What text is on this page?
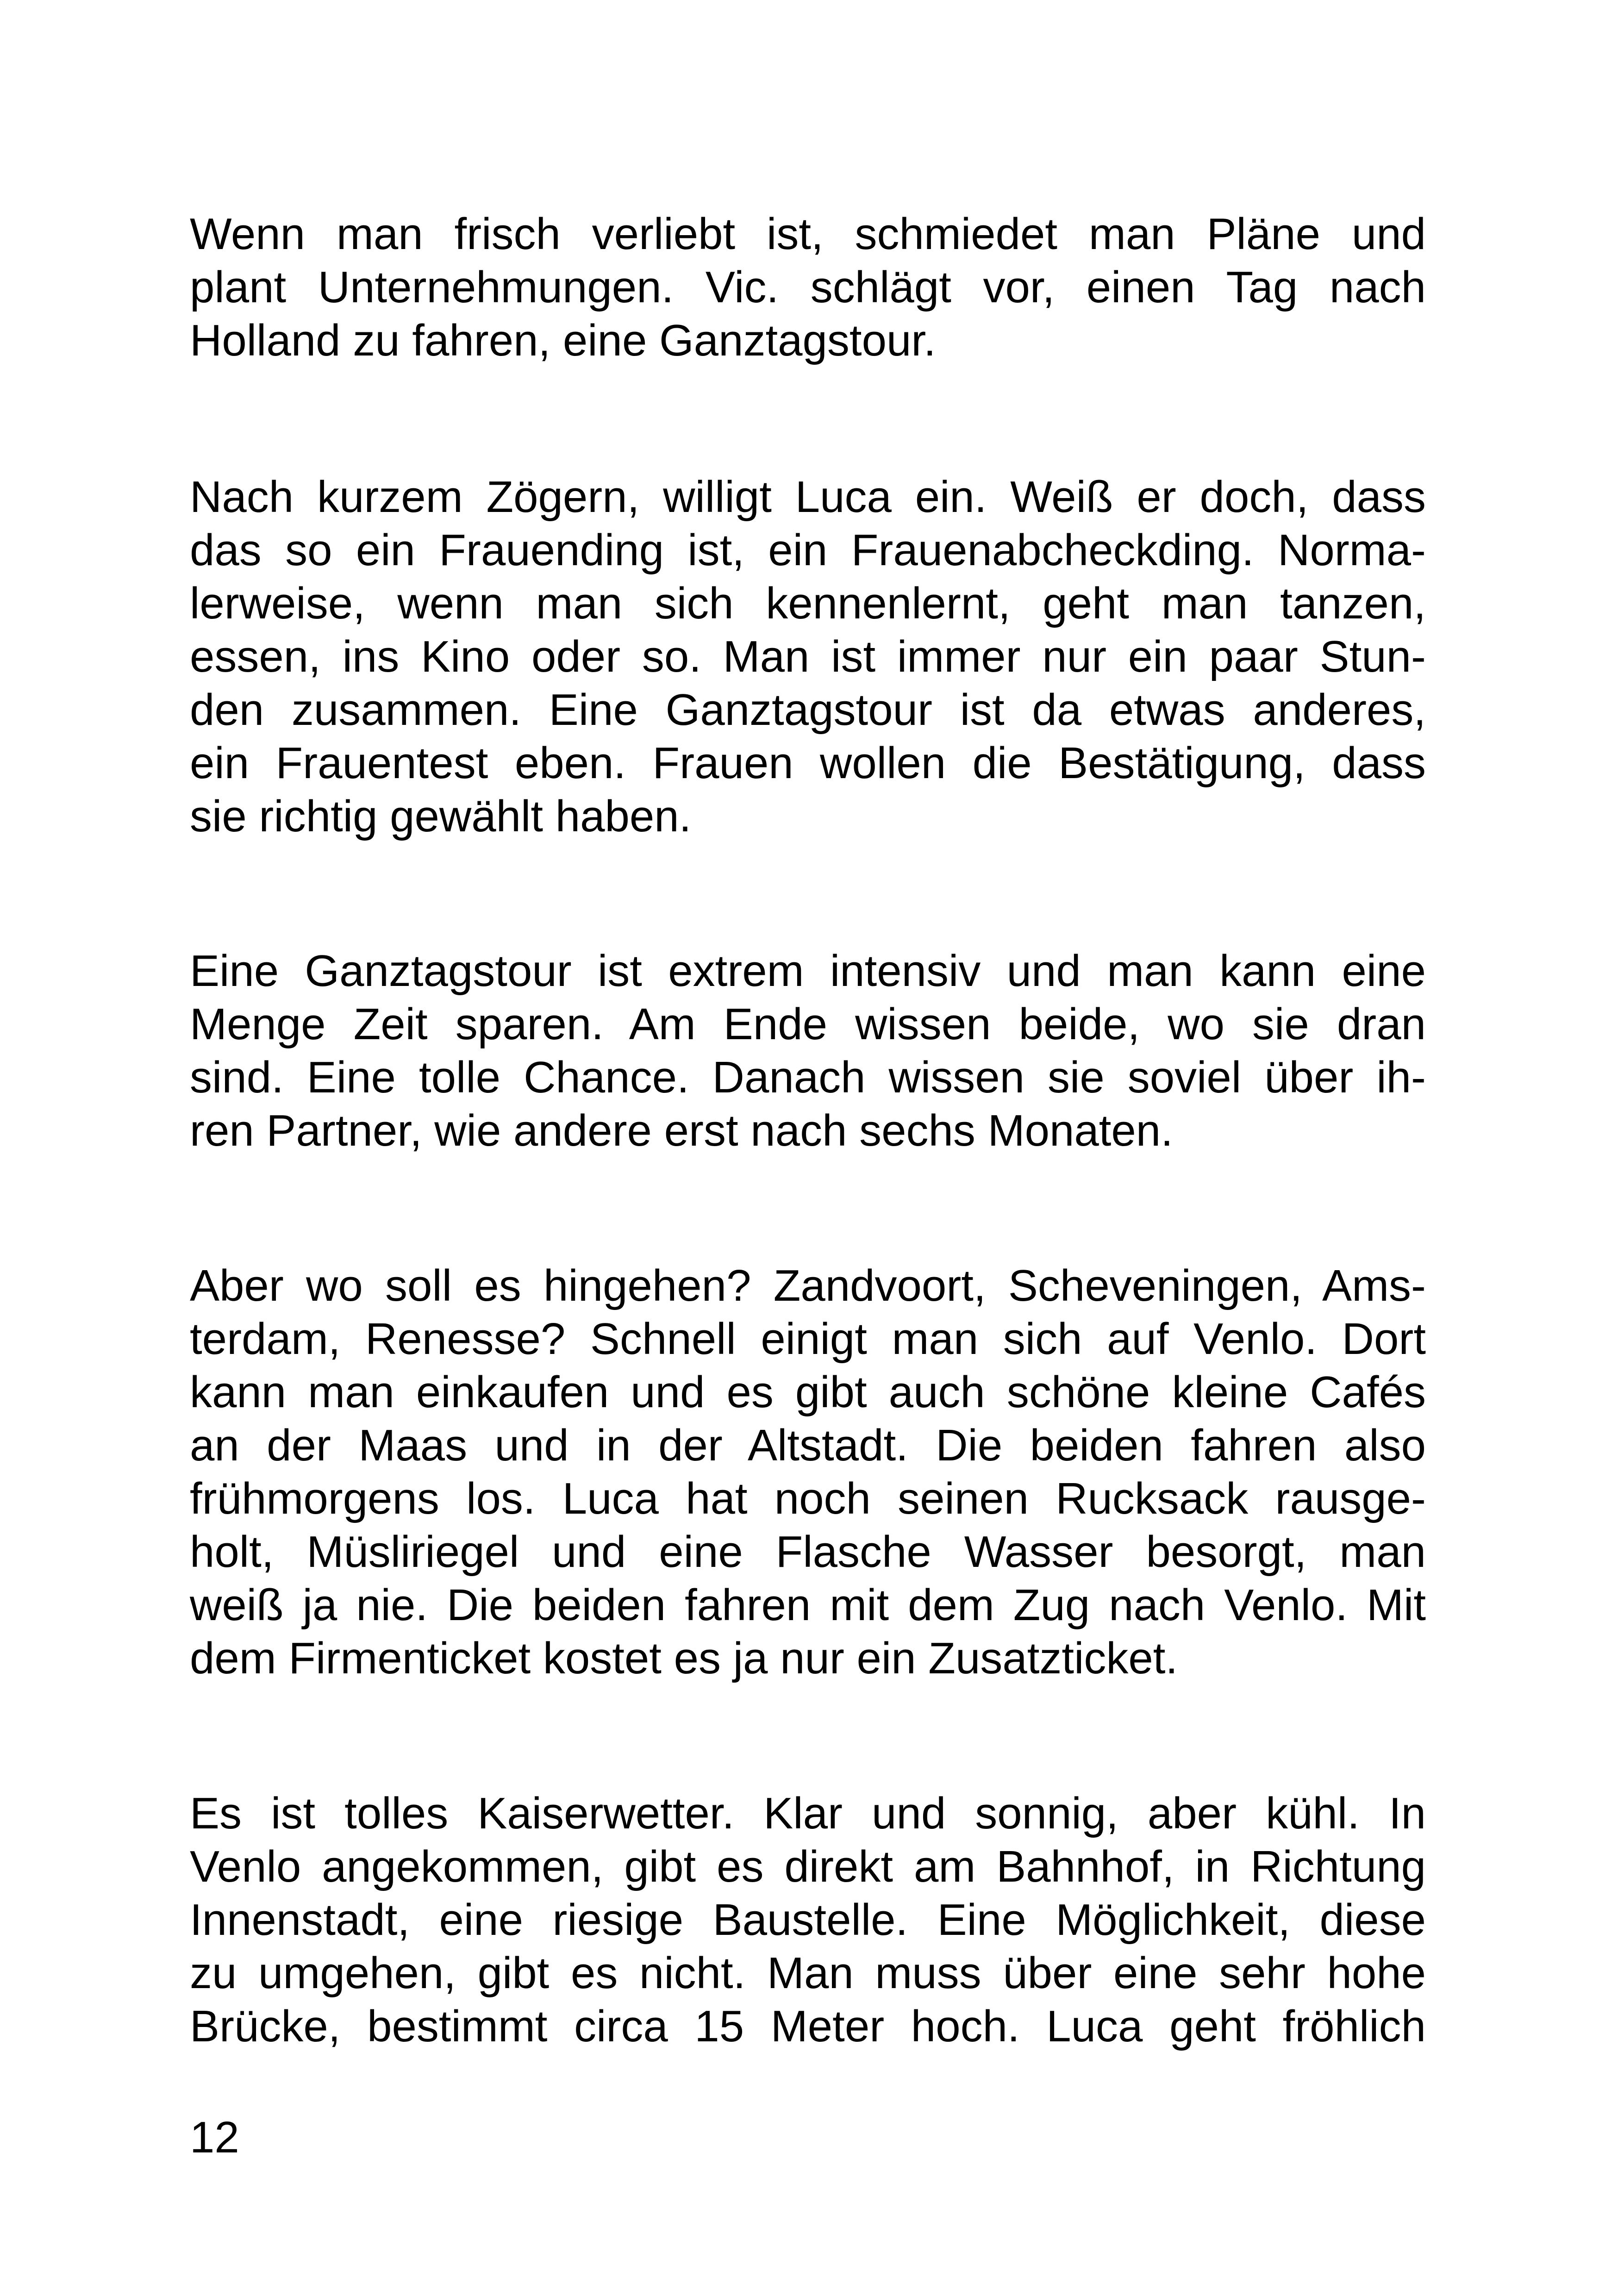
Wenn man frisch verliebt ist, schmiedet man Pläne und
plant Unternehmungen. Vic. schlägt vor, einen Tag nach
Holland zu fahren, eine Ganztagstour.
Nach kurzem Zögern, willigt Luca ein. Weiß er doch, dass
das so ein Frauending ist, ein Frauenabcheckding. Norma-
lerweise, wenn man sich kennenlernt, geht man tanzen,
essen, ins Kino oder so. Man ist immer nur ein paar Stun-
den zusammen. Eine Ganztagstour ist da etwas anderes,
ein Frauentest eben. Frauen wollen die Bestätigung, dass
sie richtig gewählt haben.
Eine Ganztagstour ist extrem intensiv und man kann eine
Menge Zeit sparen. Am Ende wissen beide, wo sie dran
sind. Eine tolle Chance. Danach wissen sie soviel über ih-
ren Partner, wie andere erst nach sechs Monaten.
Aber wo soll es hingehen? Zandvoort, Scheveningen, Ams-
terdam, Renesse? Schnell einigt man sich auf Venlo. Dort
kann man einkaufen und es gibt auch schöne kleine Cafés
an der Maas und in der Altstadt. Die beiden fahren also
frühmorgens los. Luca hat noch seinen Rucksack rausge-
holt, Müsliriegel und eine Flasche Wasser besorgt, man
weiß ja nie. Die beiden fahren mit dem Zug nach Venlo. Mit
dem Firmenticket kostet es ja nur ein Zusatzticket.
Es ist tolles Kaiserwetter. Klar und sonnig, aber kühl. In
Venlo angekommen, gibt es direkt am Bahnhof, in Richtung
Innenstadt, eine riesige Baustelle. Eine Möglichkeit, diese
zu umgehen, gibt es nicht. Man muss über eine sehr hohe
Brücke, bestimmt circa 15 Meter hoch. Luca geht fröhlich
12
